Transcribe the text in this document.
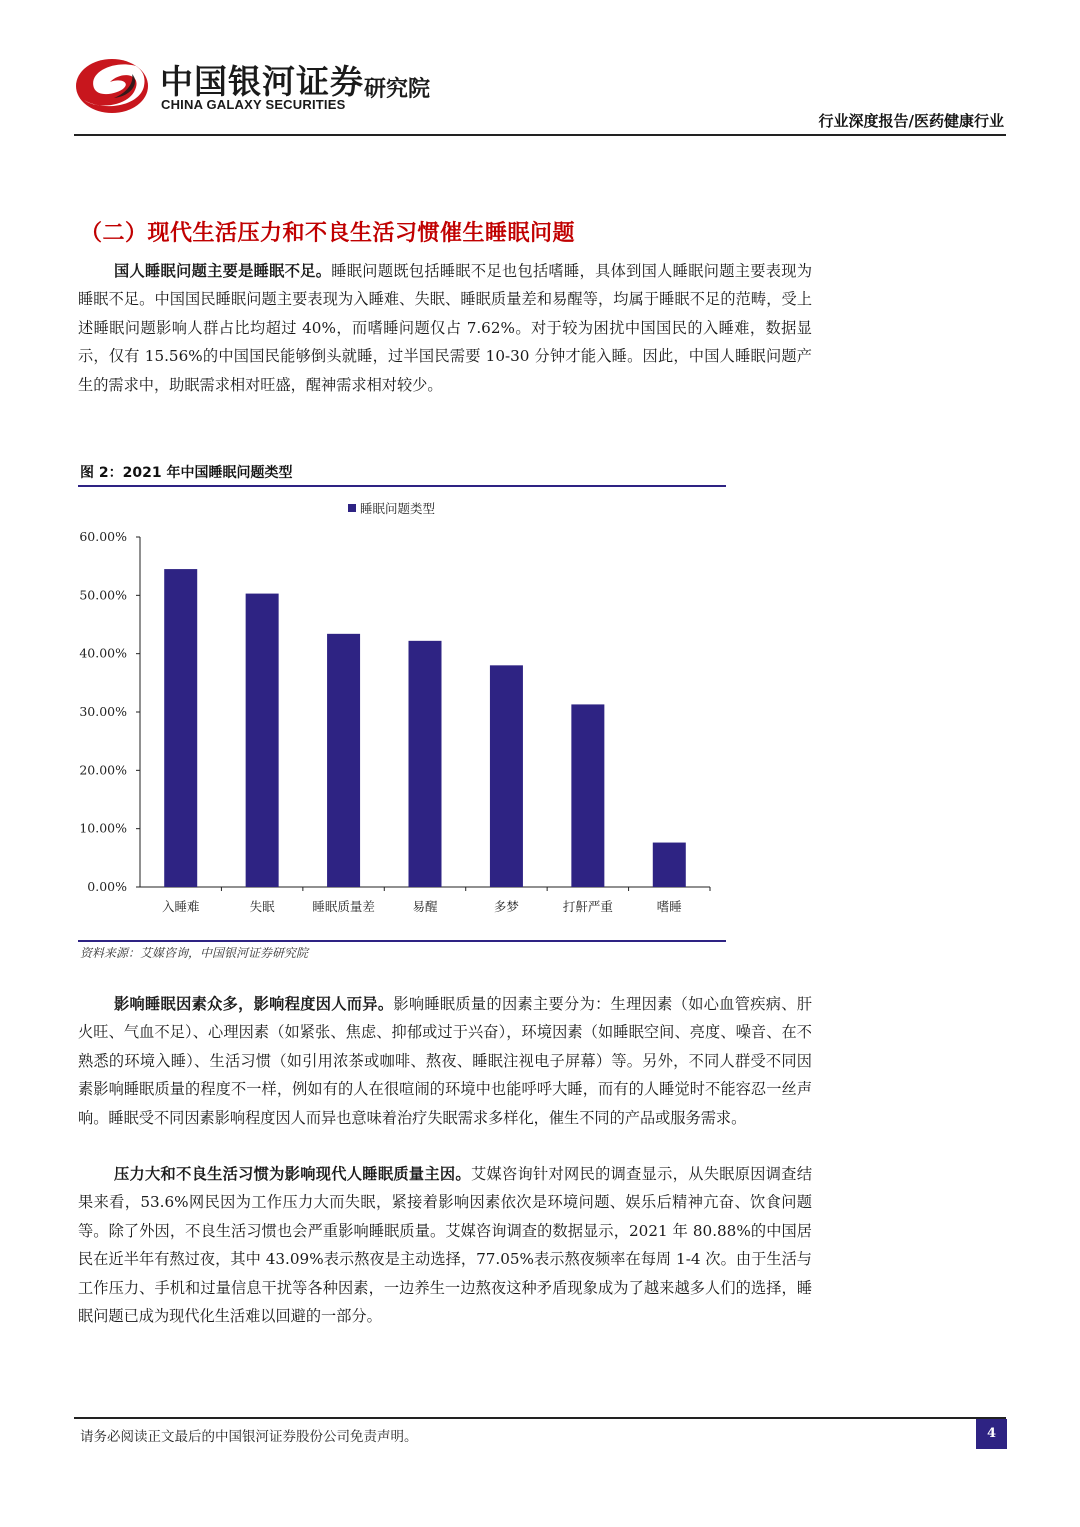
中国银河证券
CHINA GALAXY SECURITIES
研究院
行业深度报告/医药健康行业
（二）现代生活压力和不良生活习惯催生睡眠问题
国人睡眠问题主要是睡眠不足。睡眠问题既包括睡眠不足也包括嗜睡，具体到国人睡眠问题主要表现为睡眠不足。中国国民睡眠问题主要表现为入睡难、失眠、睡眠质量差和易醒等，均属于睡眠不足的范畴，受上述睡眠问题影响人群占比均超过 40%，而嗜睡问题仅占 7.62%。对于较为困扰中国国民的入睡难，数据显示，仅有 15.56%的中国国民能够倒头就睡，过半国民需要 10-30 分钟才能入睡。因此，中国人睡眠问题产生的需求中，助眠需求相对旺盛，醒神需求相对较少。
图 2：2021 年中国睡眠问题类型
睡眠问题类型
0.00%
10.00%
20.00%
30.00%
40.00%
50.00%
60.00%
入睡难	失眠	睡眠质量差	易醒	多梦	打鼾严重	嗜睡
资料来源：艾媒咨询，中国银河证券研究院
影响睡眠因素众多，影响程度因人而异。影响睡眠质量的因素主要分为：生理因素（如心血管疾病、肝火旺、气血不足）、心理因素（如紧张、焦虑、抑郁或过于兴奋），环境因素（如睡眠空间、亮度、噪音、在不熟悉的环境入睡）、生活习惯（如引用浓茶或咖啡、熬夜、睡眠注视电子屏幕）等。另外，不同人群受不同因素影响睡眠质量的程度不一样，例如有的人在很喧闹的环境中也能呼呼大睡，而有的人睡觉时不能容忍一丝声响。睡眠受不同因素影响程度因人而异也意味着治疗失眠需求多样化，催生不同的产品或服务需求。
压力大和不良生活习惯为影响现代人睡眠质量主因。艾媒咨询针对网民的调查显示，从失眠原因调查结果来看，53.6%网民因为工作压力大而失眠，紧接着影响因素依次是环境问题、娱乐后精神亢奋、饮食问题等。除了外因，不良生活习惯也会严重影响睡眠质量。艾媒咨询调查的数据显示，2021 年 80.88%的中国居民在近半年有熬过夜，其中 43.09%表示熬夜是主动选择，77.05%表示熬夜频率在每周 1-4 次。由于生活与工作压力、手机和过量信息干扰等各种因素，一边养生一边熬夜这种矛盾现象成为了越来越多人们的选择，睡眠问题已成为现代化生活难以回避的一部分。
请务必阅读正文最后的中国银河证券股份公司免责声明。	4
